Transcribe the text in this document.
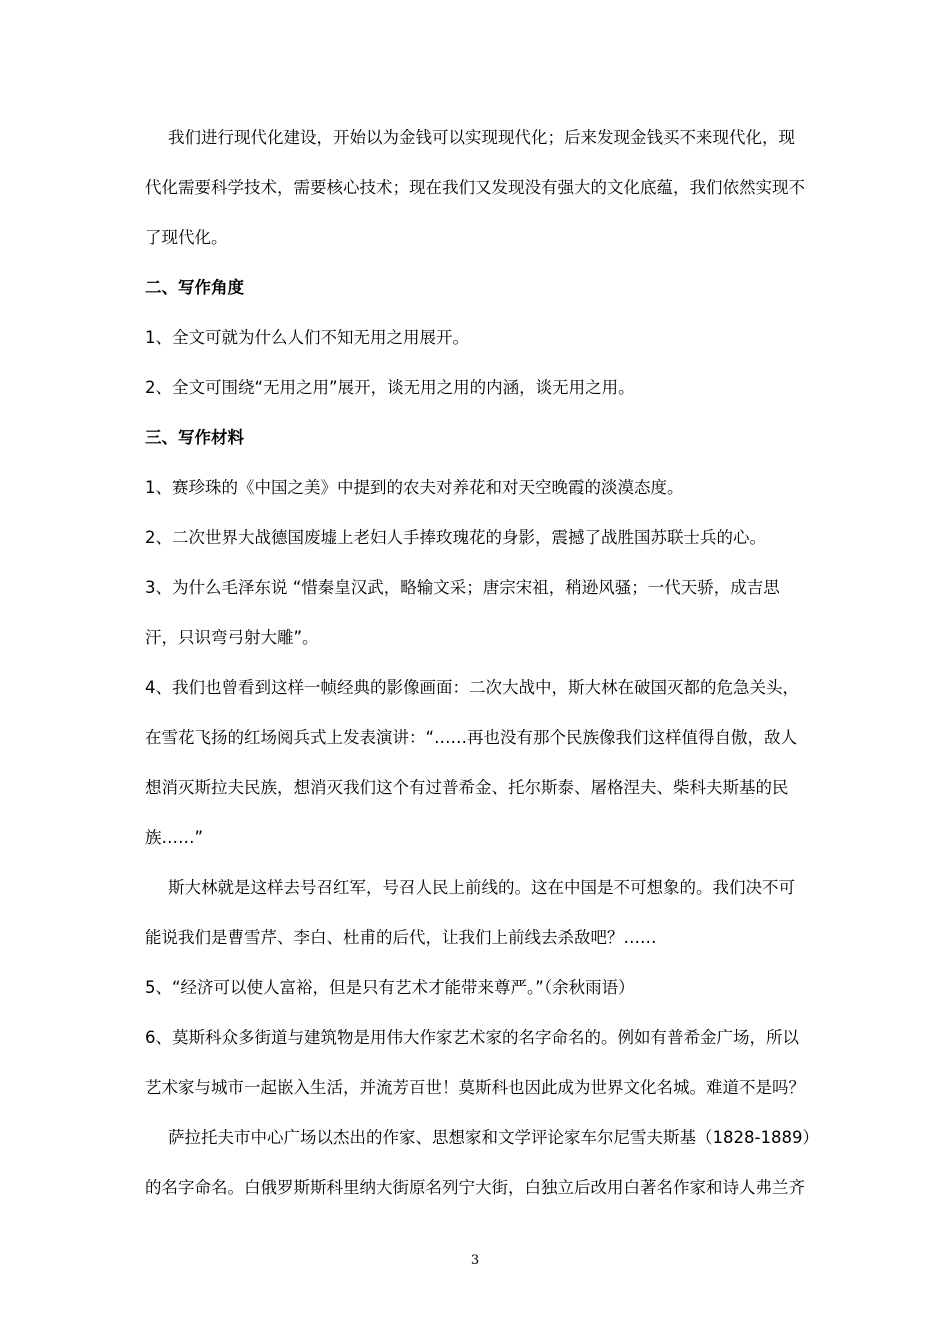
我们进行现代化建设，开始以为金钱可以实现现代化；后来发现金钱买不来现代化，现
代化需要科学技术，需要核心技术；现在我们又发现没有强大的文化底蕴，我们依然实现不
了现代化。
二、写作角度
1、全文可就为什么人们不知无用之用展开。
2、全文可围绕“无用之用”展开，谈无用之用的内涵，谈无用之用。
三、写作材料
1、赛珍珠的《中国之美》中提到的农夫对养花和对天空晚霞的淡漠态度。
2、二次世界大战德国废墟上老妇人手捧玫瑰花的身影，震撼了战胜国苏联士兵的心。
3、为什么毛泽东说 “惜秦皇汉武，略输文采；唐宗宋祖，稍逊风骚；一代天骄，成吉思
汗，只识弯弓射大雕”。
4、我们也曾看到这样一帧经典的影像画面：二次大战中，斯大林在破国灭都的危急关头，
在雪花飞扬的红场阅兵式上发表演讲：“……再也没有那个民族像我们这样值得自傲，敌人
想消灭斯拉夫民族，想消灭我们这个有过普希金、托尔斯泰、屠格涅夫、柴科夫斯基的民
族……”
斯大林就是这样去号召红军，号召人民上前线的。这在中国是不可想象的。我们决不可
能说我们是曹雪芹、李白、杜甫的后代，让我们上前线去杀敌吧？……
5、“经济可以使人富裕，但是只有艺术才能带来尊严。”（余秋雨语）
6、莫斯科众多街道与建筑物是用伟大作家艺术家的名字命名的。例如有普希金广场，所以
艺术家与城市一起嵌入生活，并流芳百世！莫斯科也因此成为世界文化名城。难道不是吗？
萨拉托夫市中心广场以杰出的作家、思想家和文学评论家车尔尼雪夫斯基（1828-1889）
的名字命名。白俄罗斯斯科里纳大街原名列宁大街，白独立后改用白著名作家和诗人弗兰齐
3
